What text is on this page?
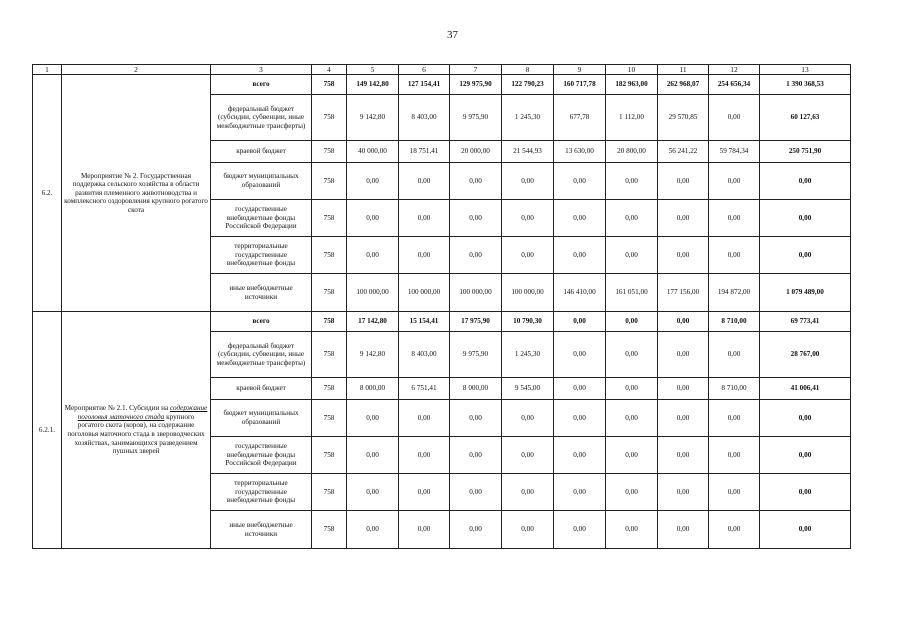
37
1	2	3	4	5	6	7	8	9	10	11	12	13
6.2.	Мероприятие № 2. Государственная поддержка сельского хозяйства в области развития племенного животноводства и комплексного оздоровления крупного рогатого скота	всего	758	149 142,80	127 154,41	129 975,90	122 790,23	160 717,78	182 963,00	262 968,07	254 656,34	1 390 368,53
		федеральный бюджет (субсидии, субвенции, иные межбюджетные трансферты)	758	9 142,80	8 403,00	9 975,90	1 245,30	677,78	1 112,00	29 570,85	0,00	60 127,63
		краевой бюджет	758	40 000,00	18 751,41	20 000,00	21 544,93	13 630,00	20 800,00	56 241,22	59 784,34	250 751,90
		бюджет муниципальных образований	758	0,00	0,00	0,00	0,00	0,00	0,00	0,00	0,00	0,00
		государственные внебюджетные фонды Российской Федерации	758	0,00	0,00	0,00	0,00	0,00	0,00	0,00	0,00	0,00
		территориальные государственные внебюджетные фонды	758	0,00	0,00	0,00	0,00	0,00	0,00	0,00	0,00	0,00
		иные внебюджетные источники	758	100 000,00	100 000,00	100 000,00	100 000,00	146 410,00	161 051,00	177 156,00	194 872,00	1 079 489,00
6.2.1.	Мероприятие № 2.1. Субсидии на содержание поголовья маточного стада крупного рогатого скота (коров), на содержание поголовья маточного стада в звероводческих хозяйствах, занимающихся разведением пушных зверей	всего	758	17 142,80	15 154,41	17 975,90	10 790,30	0,00	0,00	0,00	8 710,00	69 773,41
		федеральный бюджет (субсидии, субвенции, иные межбюджетные трансферты)	758	9 142,80	8 403,00	9 975,90	1 245,30	0,00	0,00	0,00	0,00	28 767,00
		краевой бюджет	758	8 000,00	6 751,41	8 000,00	9 545,00	0,00	0,00	0,00	8 710,00	41 006,41
		бюджет муниципальных образований	758	0,00	0,00	0,00	0,00	0,00	0,00	0,00	0,00	0,00
		государственные внебюджетные фонды Российской Федерации	758	0,00	0,00	0,00	0,00	0,00	0,00	0,00	0,00	0,00
		территориальные государственные внебюджетные фонды	758	0,00	0,00	0,00	0,00	0,00	0,00	0,00	0,00	0,00
		иные внебюджетные источники	758	0,00	0,00	0,00	0,00	0,00	0,00	0,00	0,00	0,00
